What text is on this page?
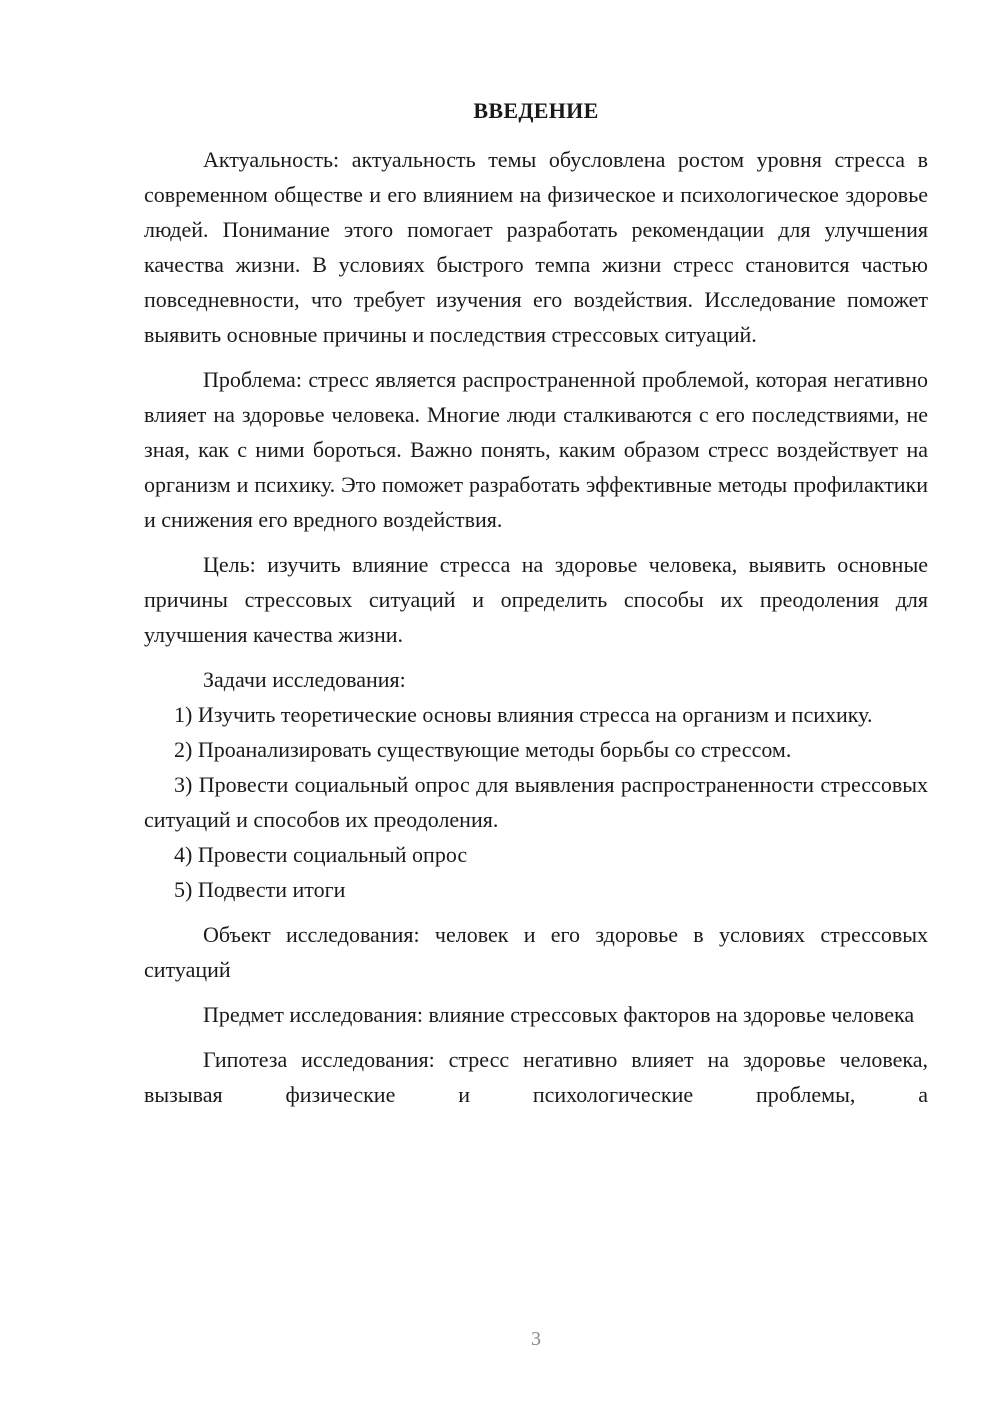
ВВЕДЕНИЕ

Актуальность: актуальность темы обусловлена ростом уровня стресса в современном обществе и его влиянием на физическое и психологическое здоровье людей. Понимание этого помогает разработать рекомендации для улучшения качества жизни. В условиях быстрого темпа жизни стресс становится частью повседневности, что требует изучения его воздействия. Исследование поможет выявить основные причины и последствия стрессовых ситуаций.

Проблема: стресс является распространенной проблемой, которая негативно влияет на здоровье человека. Многие люди сталкиваются с его последствиями, не зная, как с ними бороться. Важно понять, каким образом стресс воздействует на организм и психику. Это поможет разработать эффективные методы профилактики и снижения его вредного воздействия.

Цель: изучить влияние стресса на здоровье человека, выявить основные причины стрессовых ситуаций и определить способы их преодоления для улучшения качества жизни.

Задачи исследования:

1) Изучить теоретические основы влияния стресса на организм и психику.

2) Проанализировать существующие методы борьбы со стрессом.

3) Провести социальный опрос для выявления распространенности стрессовых ситуаций и способов их преодоления.

4) Провести социальный опрос

5) Подвести итоги

Объект исследования: человек и его здоровье в условиях стрессовых ситуаций

Предмет исследования: влияние стрессовых факторов на здоровье человека

Гипотеза исследования: стресс негативно влияет на здоровье человека, вызывая физические и психологические проблемы, а

3
